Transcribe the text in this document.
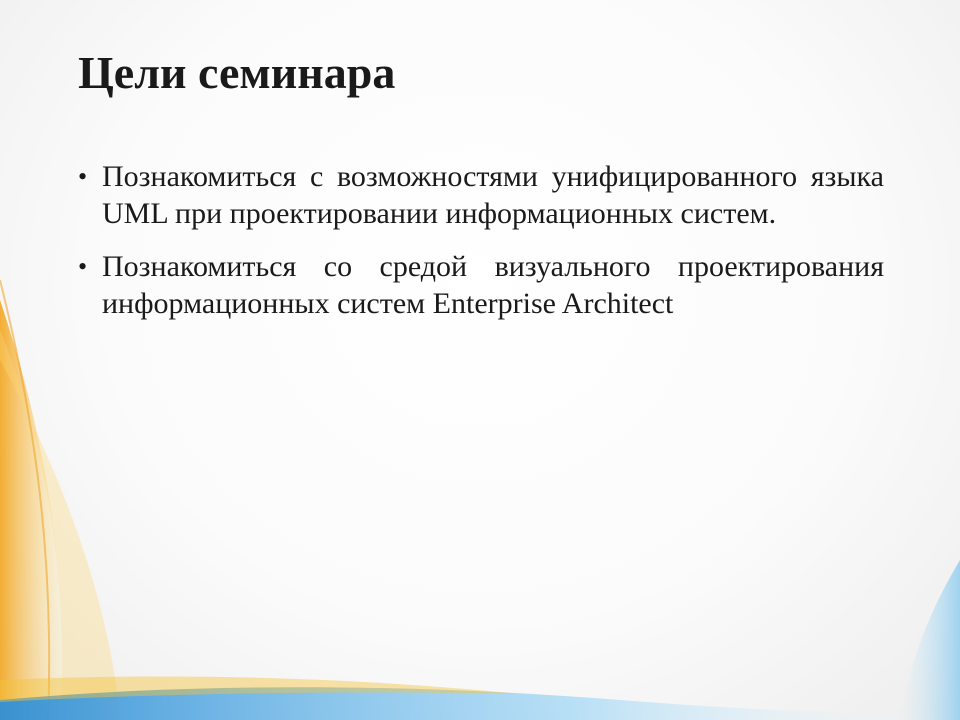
Цели семинара
• Познакомиться с возможностями унифицированного языка UML при проектировании информационных систем.
• Познакомиться со средой визуального проектирования информационных систем Enterprise Architect
